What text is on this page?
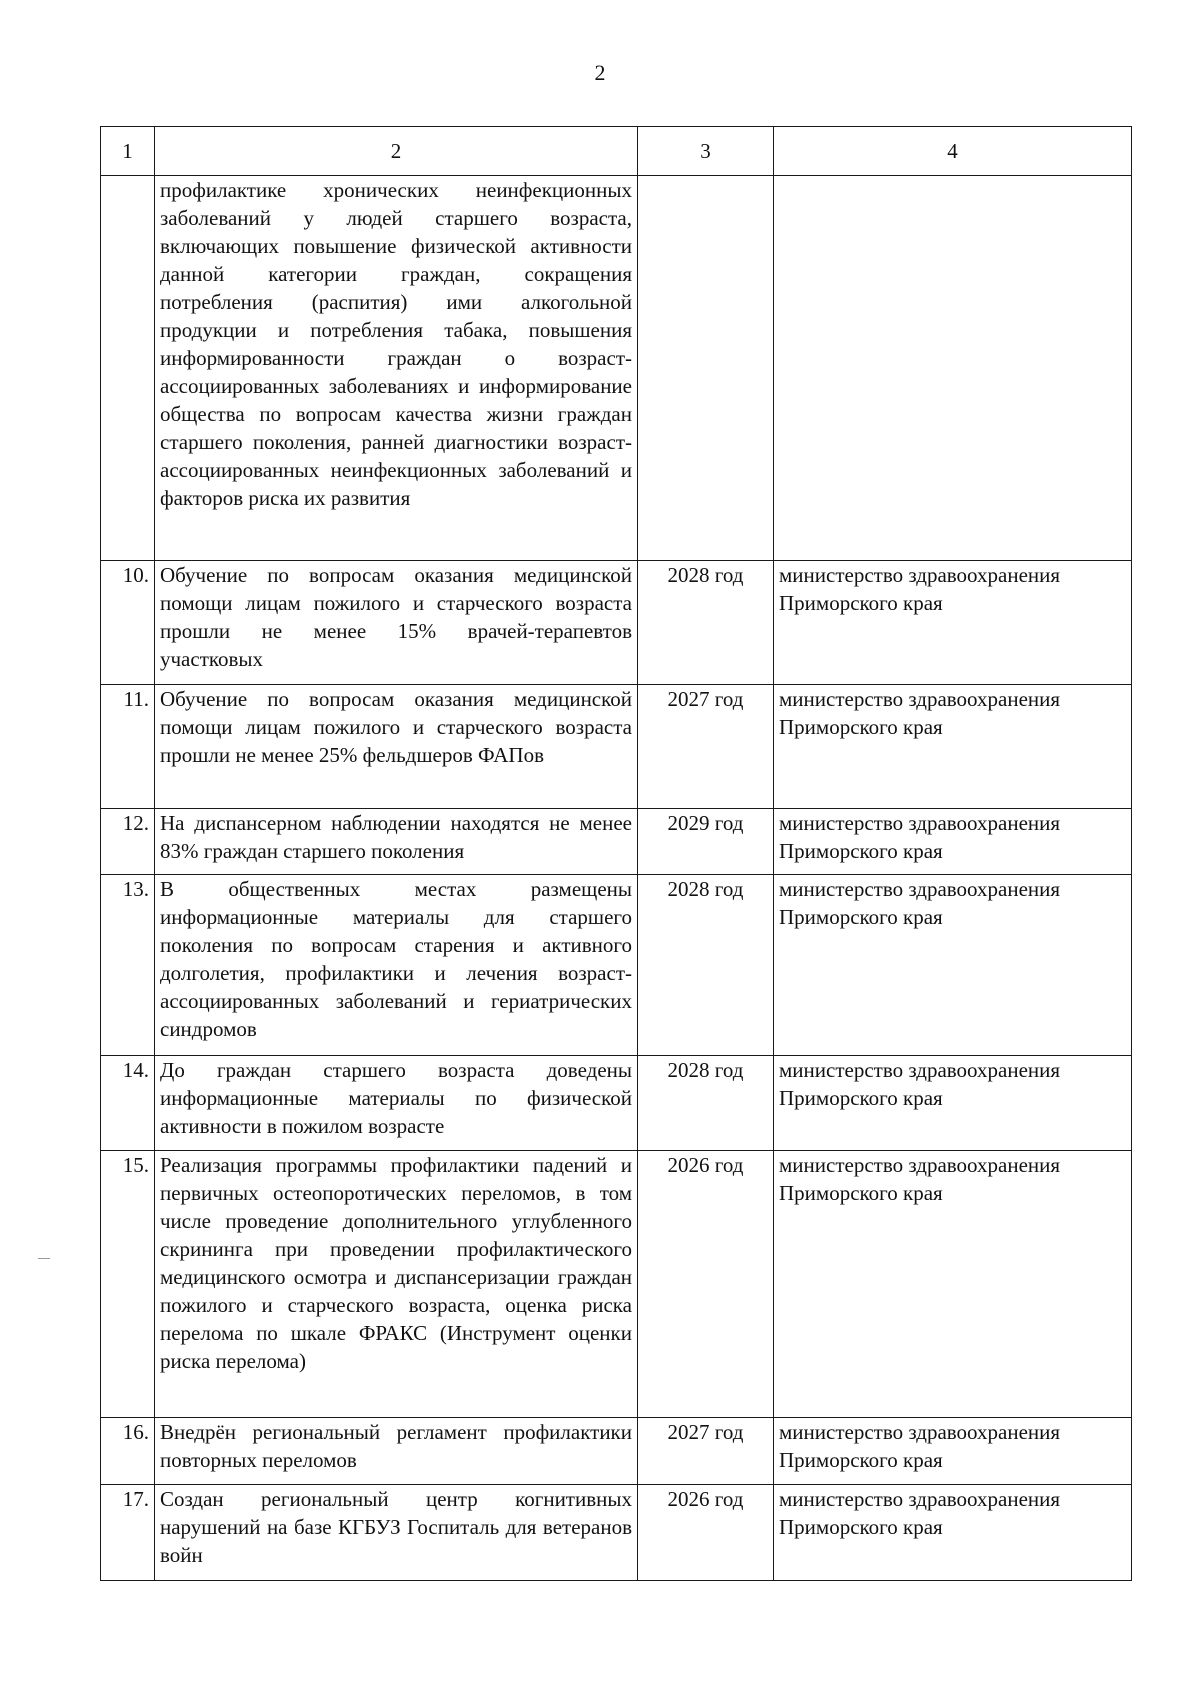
2
1	2	3	4
	профилактике хронических неинфекционных заболеваний у людей старшего возраста, включающих повышение физической активности данной категории граждан, сокращения потребления (распития) ими алкогольной продукции и потребления табака, повышения информированности граждан о возраст-ассоциированных заболеваниях и информирование общества по вопросам качества жизни граждан старшего поколения, ранней диагностики возраст-ассоциированных неинфекционных заболеваний и факторов риска их развития		
10.	Обучение по вопросам оказания медицинской помощи лицам пожилого и старческого возраста прошли не менее 15% врачей-терапевтов участковых	2028 год	министерство здравоохранения Приморского края
11.	Обучение по вопросам оказания медицинской помощи лицам пожилого и старческого возраста прошли не менее 25% фельдшеров ФАПов	2027 год	министерство здравоохранения Приморского края
12.	На диспансерном наблюдении находятся не менее 83% граждан старшего поколения	2029 год	министерство здравоохранения Приморского края
13.	В общественных местах размещены информационные материалы для старшего поколения по вопросам старения и активного долголетия, профилактики и лечения возраст-ассоциированных заболеваний и гериатрических синдромов	2028 год	министерство здравоохранения Приморского края
14.	До граждан старшего возраста доведены информационные материалы по физической активности в пожилом возрасте	2028 год	министерство здравоохранения Приморского края
15.	Реализация программы профилактики падений и первичных остеопоротических переломов, в том числе проведение дополнительного углубленного скрининга при проведении профилактического медицинского осмотра и диспансеризации граждан пожилого и старческого возраста, оценка риска перелома по шкале ФРАКС (Инструмент оценки риска перелома)	2026 год	министерство здравоохранения Приморского края
16.	Внедрён региональный регламент профилактики повторных переломов	2027 год	министерство здравоохранения Приморского края
17.	Создан региональный центр когнитивных нарушений на базе КГБУЗ Госпиталь для ветеранов войн	2026 год	министерство здравоохранения Приморского края
